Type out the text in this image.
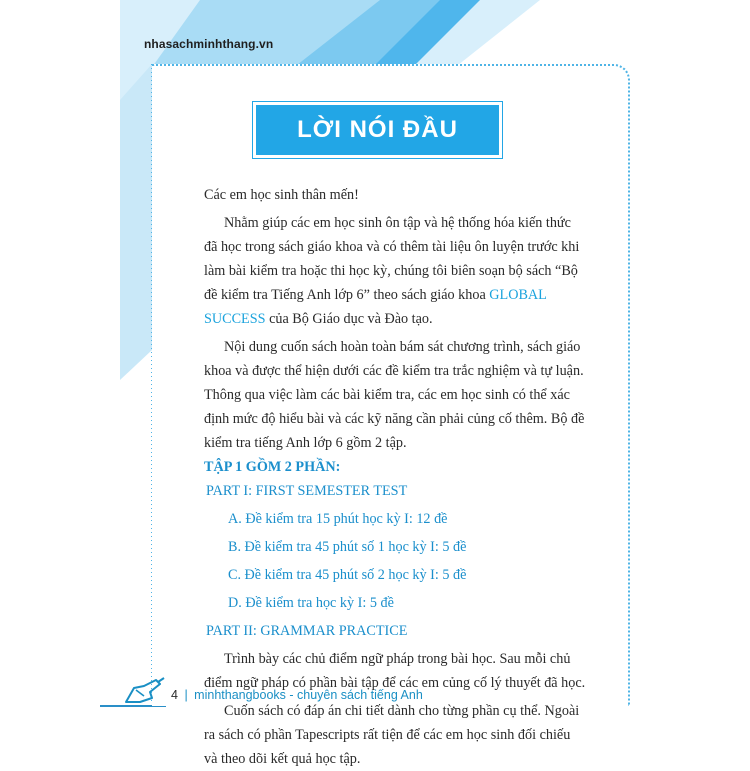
nhasachminhthang.vn
LỜI NÓI ĐẦU

Các em học sinh thân mến!

Nhằm giúp các em học sinh ôn tập và hệ thống hóa kiến thức đã học trong sách giáo khoa và có thêm tài liệu ôn luyện trước khi làm bài kiểm tra hoặc thi học kỳ, chúng tôi biên soạn bộ sách “Bộ đề kiểm tra Tiếng Anh lớp 6” theo sách giáo khoa GLOBAL SUCCESS của Bộ Giáo dục và Đào tạo.

Nội dung cuốn sách hoàn toàn bám sát chương trình, sách giáo khoa và được thể hiện dưới các đề kiểm tra trắc nghiệm và tự luận. Thông qua việc làm các bài kiểm tra, các em học sinh có thể xác định mức độ hiểu bài và các kỹ năng cần phải củng cố thêm. Bộ đề kiểm tra tiếng Anh lớp 6 gồm 2 tập.

TẬP 1 GỒM 2 PHẦN:

PART I: FIRST SEMESTER TEST

A. Đề kiểm tra 15 phút học kỳ I: 12 đề

B. Đề kiểm tra 45 phút số 1 học kỳ I: 5 đề

C. Đề kiểm tra 45 phút số 2 học kỳ I: 5 đề

D. Đề kiểm tra học kỳ I: 5 đề

PART II: GRAMMAR PRACTICE

Trình bày các chủ điểm ngữ pháp trong bài học. Sau mỗi chủ điểm ngữ pháp có phần bài tập để các em củng cố lý thuyết đã học.

Cuốn sách có đáp án chi tiết dành cho từng phần cụ thể. Ngoài ra sách có phần Tapescripts rất tiện để các em học sinh đối chiếu và theo dõi kết quả học tập.

4 | minhthangbooks - chuyên sách tiếng Anh
